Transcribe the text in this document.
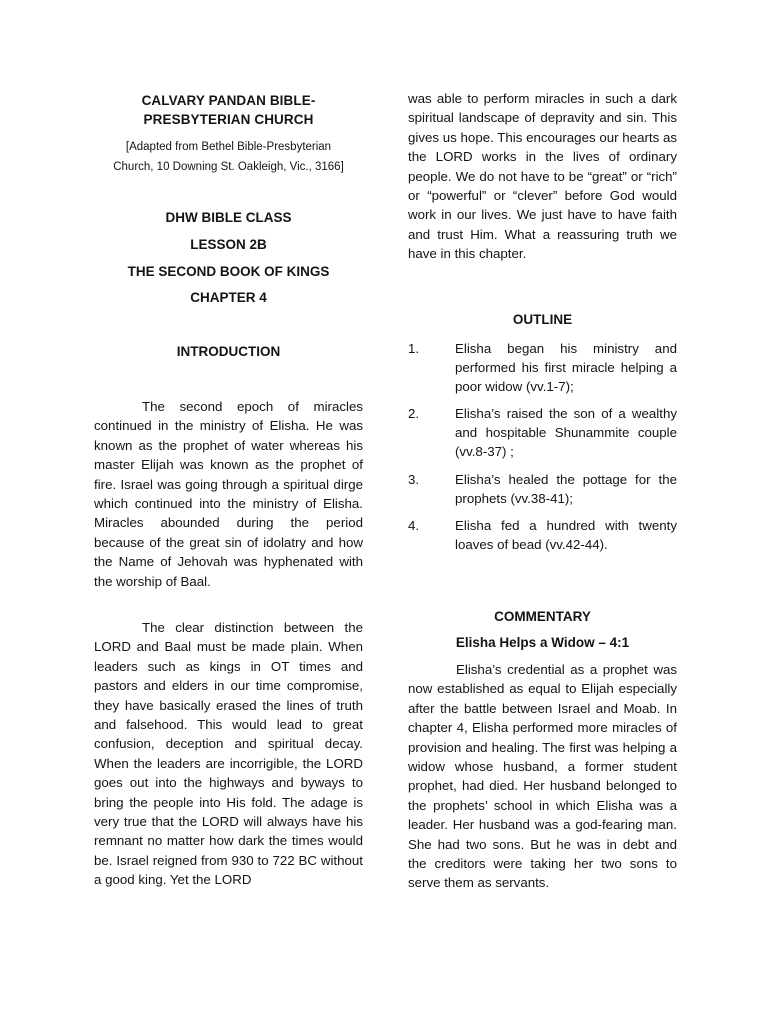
CALVARY PANDAN BIBLE-
PRESBYTERIAN CHURCH
[Adapted from Bethel Bible-Presbyterian
Church, 10 Downing St. Oakleigh, Vic., 3166]
DHW BIBLE CLASS
LESSON 2B
THE SECOND BOOK OF KINGS
CHAPTER 4
INTRODUCTION

The second epoch of miracles continued in the ministry of Elisha. He was known as the prophet of water whereas his master Elijah was known as the prophet of fire. Israel was going through a spiritual dirge which continued into the ministry of Elisha. Miracles abounded during the period because of the great sin of idolatry and how the Name of Jehovah was hyphenated with the worship of Baal.

The clear distinction between the LORD and Baal must be made plain. When leaders such as kings in OT times and pastors and elders in our time compromise, they have basically erased the lines of truth and falsehood. This would lead to great confusion, deception and spiritual decay. When the leaders are incorrigible, the LORD goes out into the highways and byways to bring the people into His fold. The adage is very true that the LORD will always have his remnant no matter how dark the times would be. Israel reigned from 930 to 722 BC without a good king. Yet the LORD

was able to perform miracles in such a dark spiritual landscape of depravity and sin. This gives us hope. This encourages our hearts as the LORD works in the lives of ordinary people. We do not have to be “great” or “rich” or “powerful” or “clever” before God would work in our lives. We just have to have faith and trust Him. What a reassuring truth we have in this chapter.

OUTLINE
1.	Elisha began his ministry and performed his first miracle helping a poor widow (vv.1-7);
2.	Elisha’s raised the son of a wealthy and hospitable Shunammite couple (vv.8-37) ;
3.	Elisha’s healed the pottage for the prophets (vv.38-41);
4.	Elisha fed a hundred with twenty loaves of bead (vv.42-44).
COMMENTARY
Elisha Helps a Widow – 4:1

Elisha’s credential as a prophet was now established as equal to Elijah especially after the battle between Israel and Moab. In chapter 4, Elisha performed more miracles of provision and healing. The first was helping a widow whose husband, a former student prophet, had died. Her husband belonged to the prophets’ school in which Elisha was a leader. Her husband was a god-fearing man. She had two sons. But he was in debt and the creditors were taking her two sons to serve them as servants.
